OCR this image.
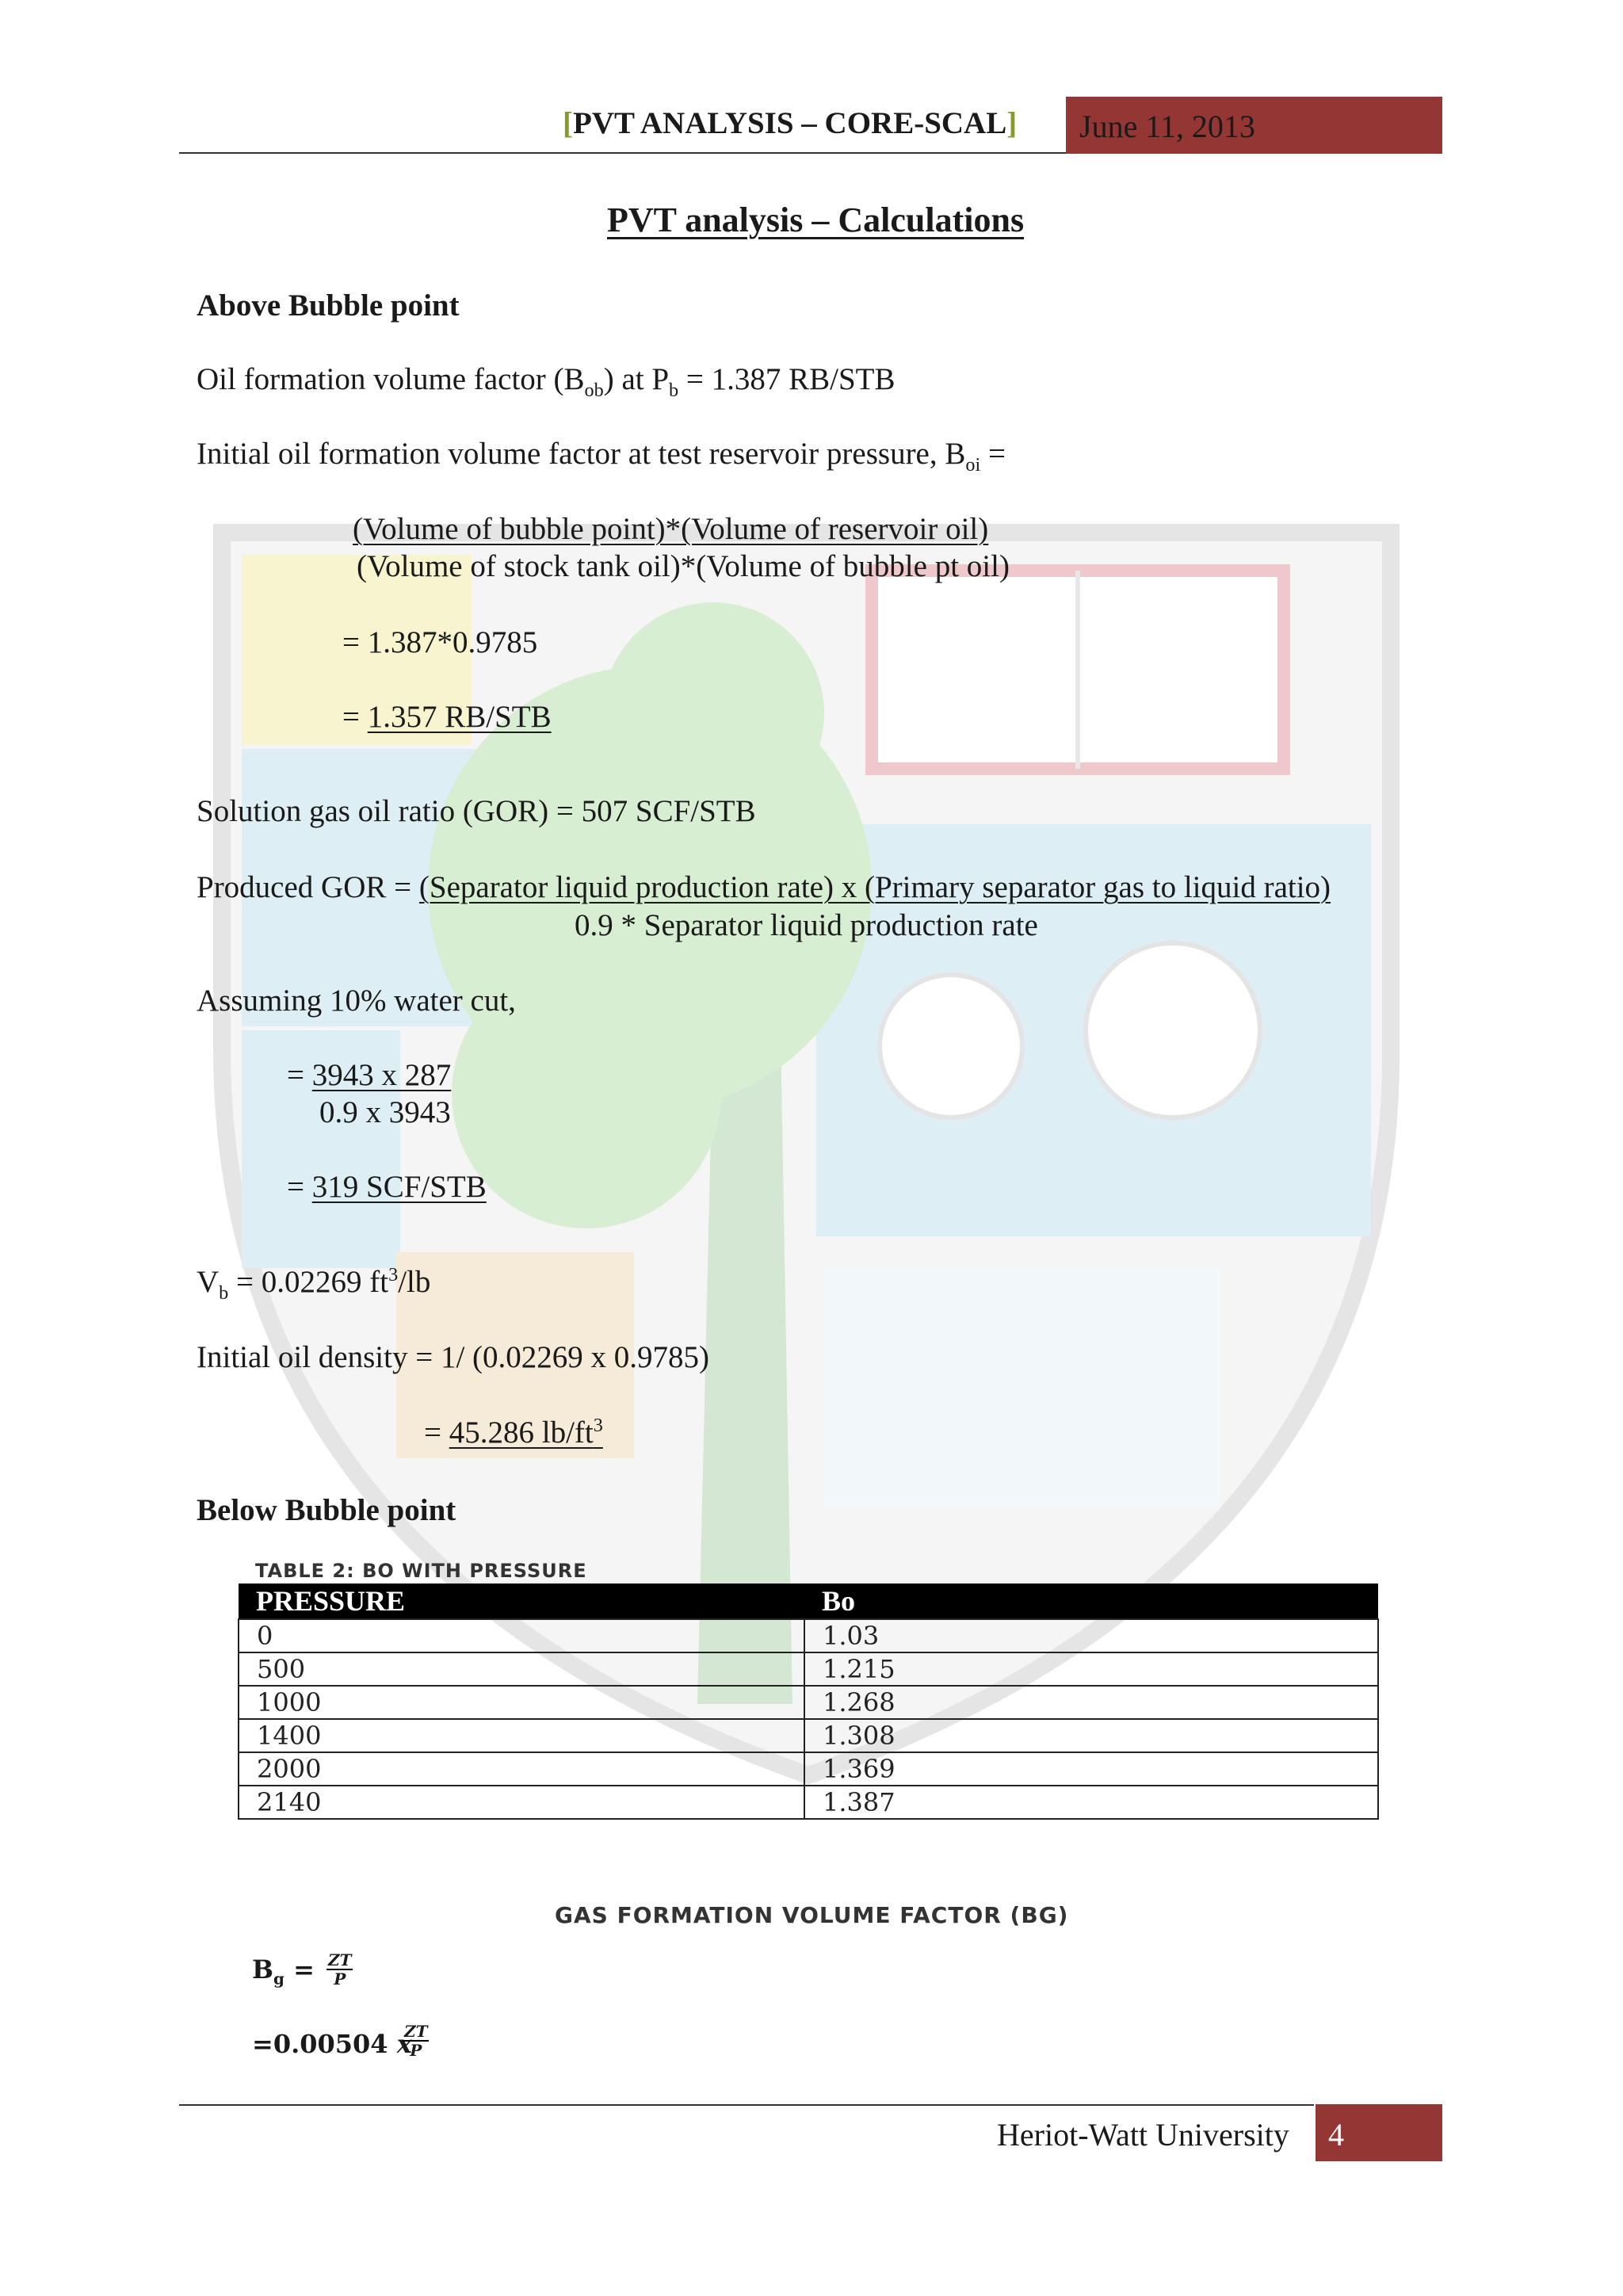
[PVT ANALYSIS – CORE-SCAL] June 11, 2013
PVT analysis – Calculations
Above Bubble point
Oil formation volume factor $(B_{ob})$ at $P_b = 1.387$ RB/STB
Initial oil formation volume factor at test reservoir pressure, $B_{oi}$ =
(Volume of bubble point)*(Volume of reservoir oil)
(Volume of stock tank oil)*(Volume of bubble pt oil)
= 1.387*0.9785
= 1.357 RB/STB
Solution gas oil ratio (GOR) = 507 SCF/STB
Produced GOR = (Separator liquid production rate) x (Primary separator gas to liquid ratio)
0.9 * Separator liquid production rate
Assuming 10% water cut,
= 3943 x 287
0.9 x 3943
= 319 SCF/STB
$V_b = 0.02269$ $ft^3/lb$
Initial oil density = 1/ (0.02269 x 0.9785)
= 45.286 $lb/ft^3$
Below Bubble point
TABLE 2: BO WITH PRESSURE
PRESSURE	Bo
0	1.03
500	1.215
1000	1.268
1400	1.308
2000	1.369
2140	1.387
GAS FORMATION VOLUME FACTOR (BG)
$B_g = \frac{ZT}{P}$
=0.00504 x
$\frac{ZT}{P}$
Heriot-Watt University 4
